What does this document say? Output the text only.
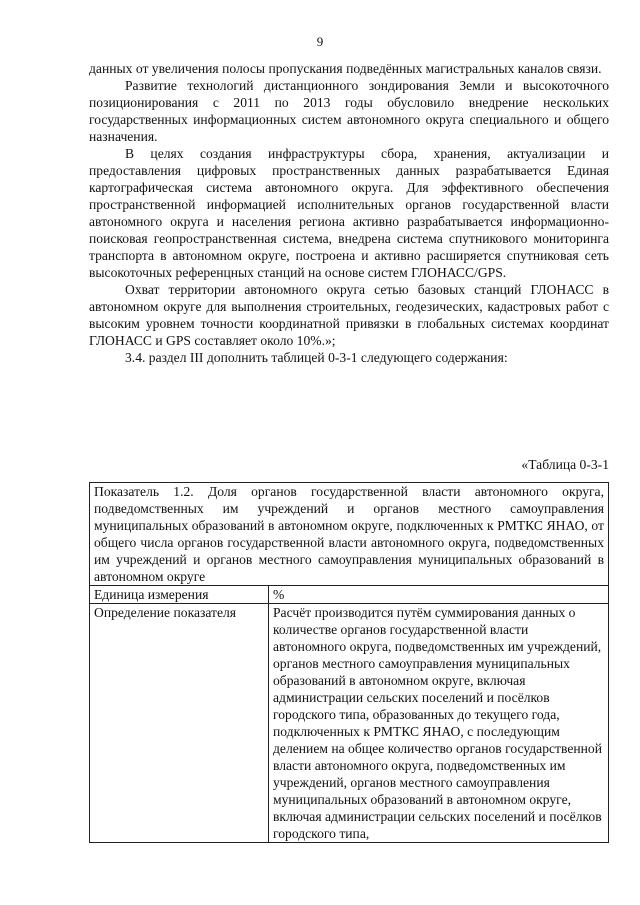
9

данных от увеличения полосы пропускания подведённых магистральных каналов связи.

Развитие технологий дистанционного зондирования Земли и высокоточного позиционирования с 2011 по 2013 годы обусловило внедрение нескольких государственных информационных систем автономного округа специального и общего назначения.

В целях создания инфраструктуры сбора, хранения, актуализации и предоставления цифровых пространственных данных разрабатывается Единая картографическая система автономного округа. Для эффективного обеспечения пространственной информацией исполнительных органов государственной власти автономного округа и населения региона активно разрабатывается информационно-поисковая геопространственная система, внедрена система спутникового мониторинга транспорта в автономном округе, построена и активно расширяется спутниковая сеть высокоточных референцных станций на основе систем ГЛОНАСС/GPS.

Охват территории автономного округа сетью базовых станций ГЛОНАСС в автономном округе для выполнения строительных, геодезических, кадастровых работ с высоким уровнем точности координатной привязки в глобальных системах координат ГЛОНАСС и GPS составляет около 10%.»;

3.4. раздел III дополнить таблицей 0-3-1 следующего содержания:

«Таблица 0-3-1
Показатель 1.2. Доля органов государственной власти автономного округа, подведомственных им учреждений и органов местного самоуправления муниципальных образований в автономном округе, подключенных к РМТКС ЯНАО, от общего числа органов государственной власти автономного округа, подведомственных им учреждений и органов местного самоуправления муниципальных образований в автономном округе	
Единица измерения	%
Определение показателя	Расчёт производится путём суммирования данных о количестве органов государственной власти автономного округа, подведомственных им учреждений, органов местного самоуправления муниципальных образований в автономном округе, включая администрации сельских поселений и посёлков городского типа, образованных до текущего года, подключенных к РМТКС ЯНАО, с последующим делением на общее количество органов государственной власти автономного округа, подведомственных им учреждений, органов местного самоуправления муниципальных образований в автономном округе, включая администрации сельских поселений и посёлков городского типа,
